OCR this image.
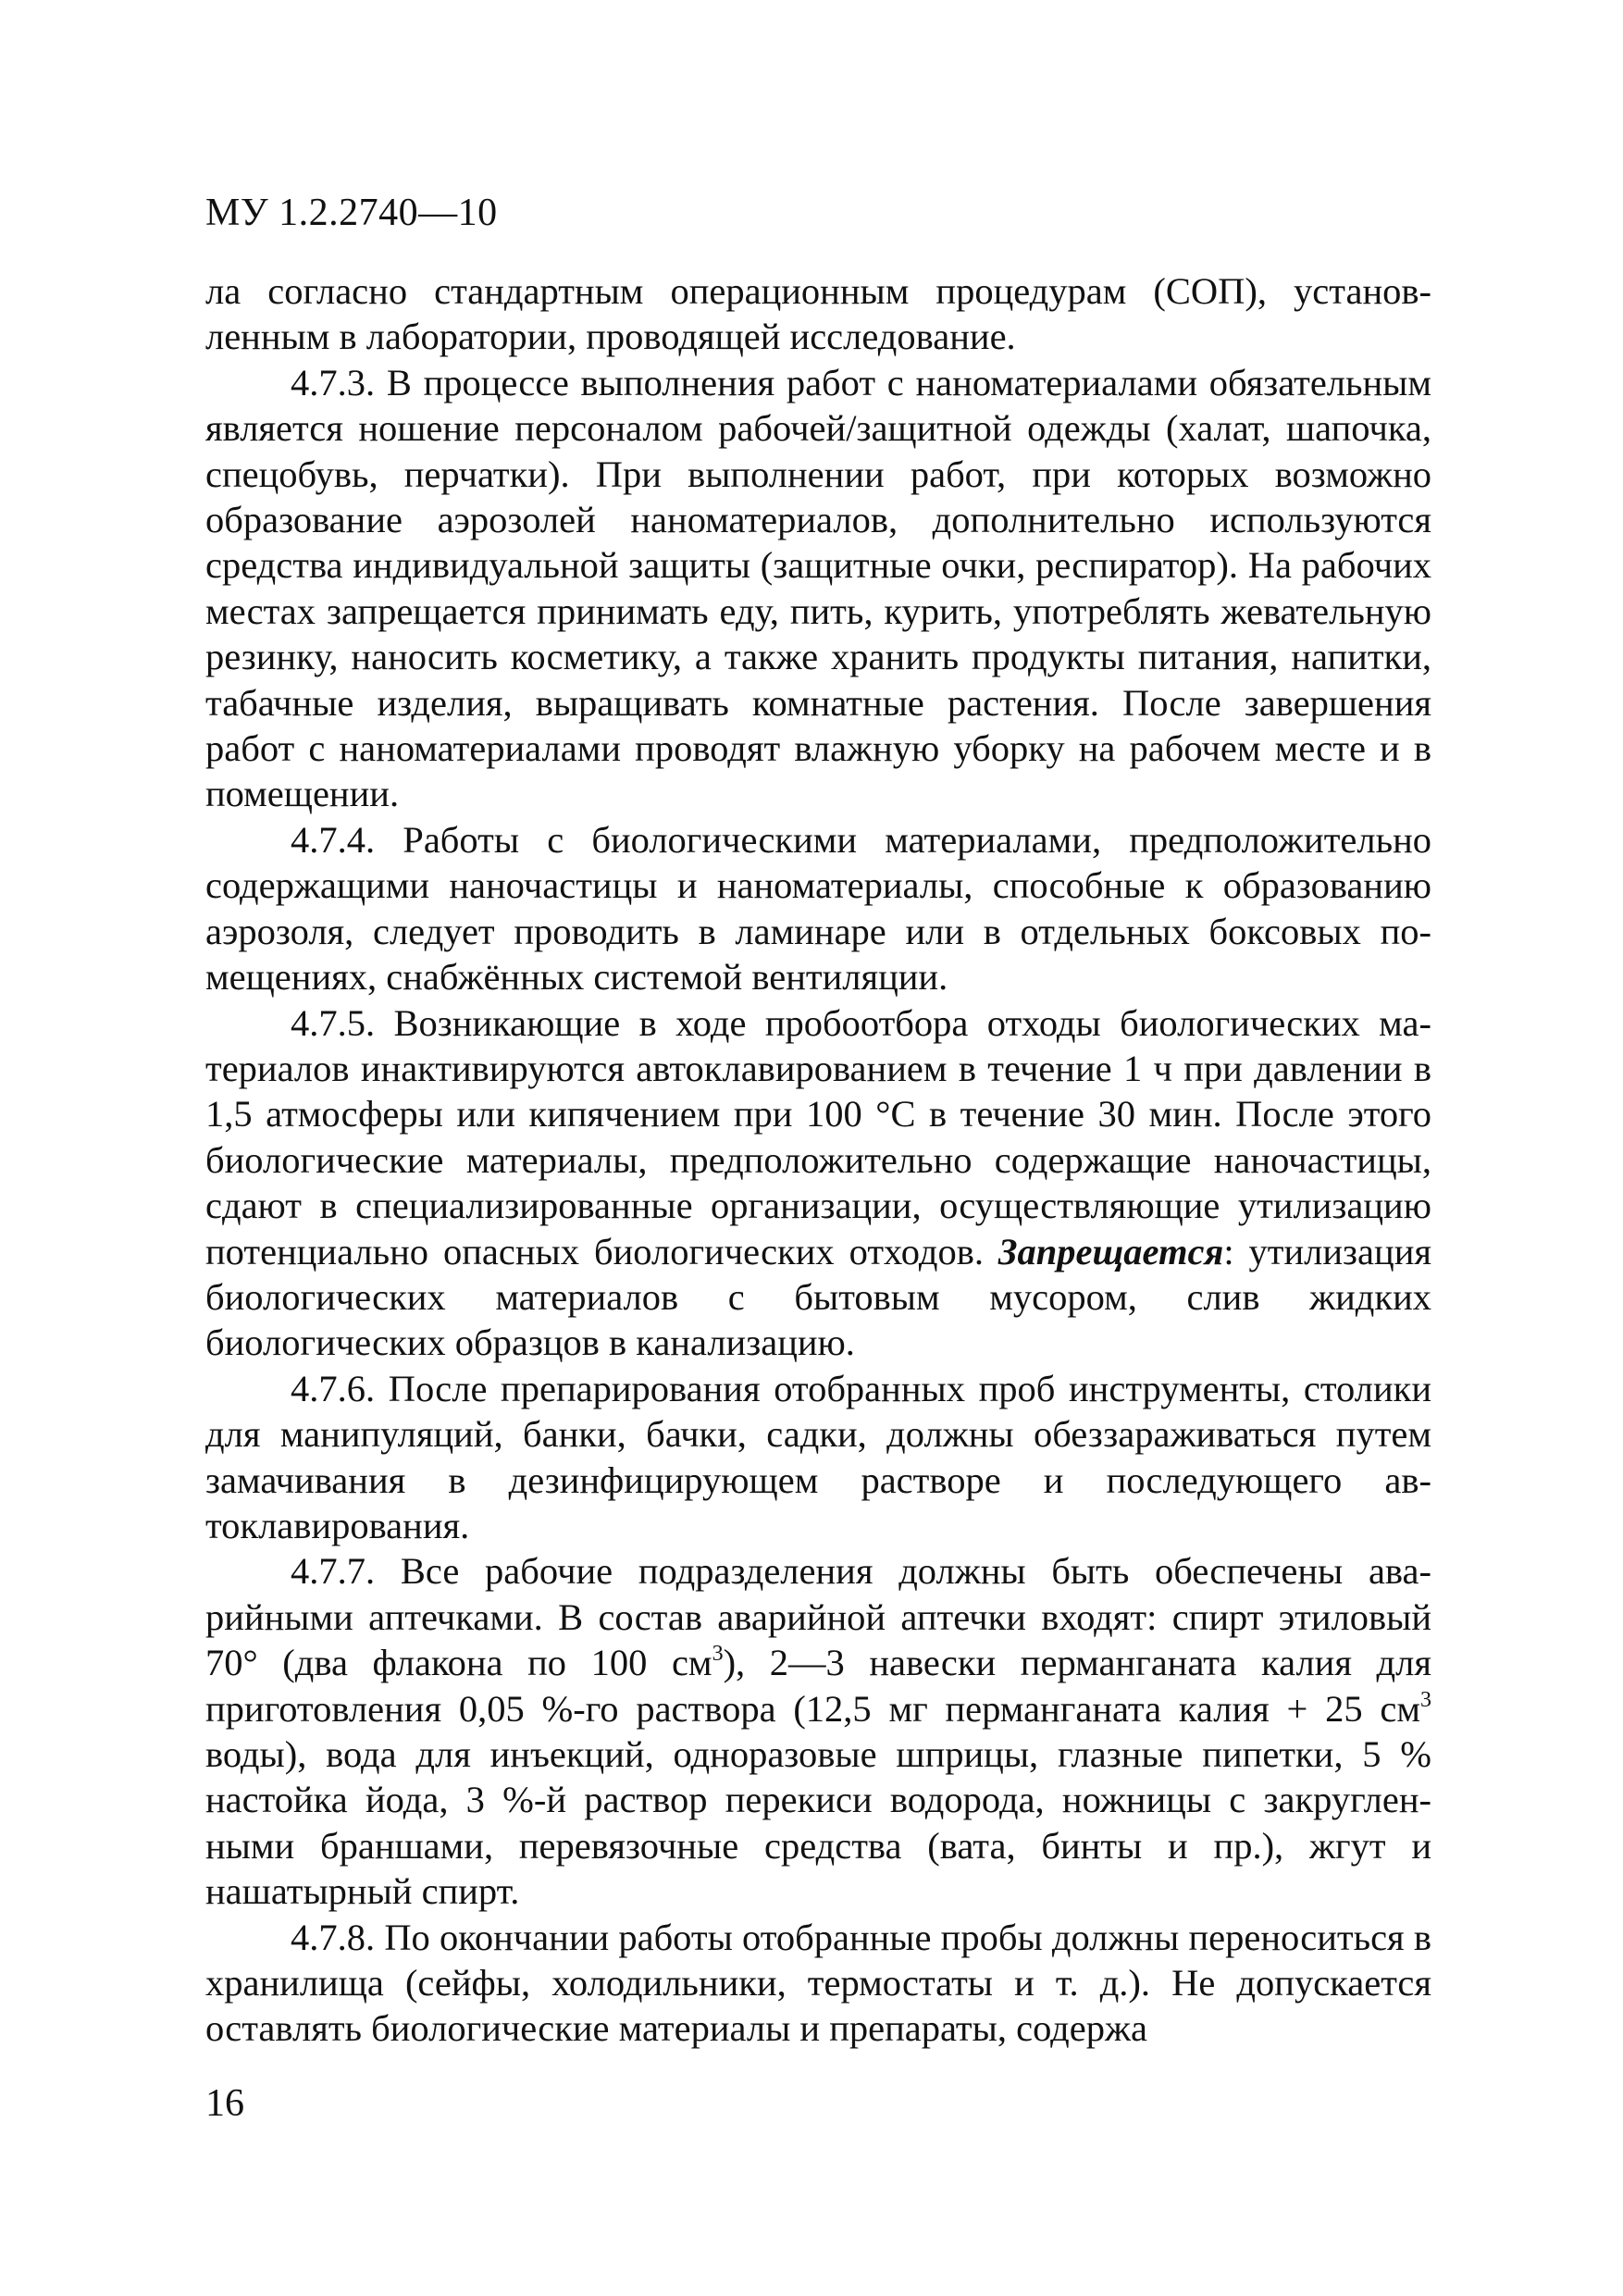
МУ 1.2.2740—10

ла согласно стандартным операционным процедурам (СОП), установленным в лаборатории, проводящей исследование.

4.7.3. В процессе выполнения работ с наноматериалами обязательным является ношение персоналом рабочей/защитной одежды (халат, шапочка, спецобувь, перчатки). При выполнении работ, при которых возможно образование аэрозолей наноматериалов, дополнительно используются средства индивидуальной защиты (защитные очки, респиратор). На рабочих местах запрещается принимать еду, пить, курить, употреблять жевательную резинку, наносить косметику, а также хранить продукты питания, напитки, табачные изделия, выращивать комнатные растения. После завершения работ с наноматериалами проводят влажную уборку на рабочем месте и в помещении.

4.7.4. Работы с биологическими материалами, предположительно содержащими наночастицы и наноматериалы, способные к образованию аэрозоля, следует проводить в ламинаре или в отдельных боксовых помещениях, снабжённых системой вентиляции.

4.7.5. Возникающие в ходе пробоотбора отходы биологических материалов инактивируются автоклавированием в течение 1 ч при давлении в 1,5 атмосферы или кипячением при 100 °С в течение 30 мин. После этого биологические материалы, предположительно содержащие наночастицы, сдают в специализированные организации, осуществляющие утилизацию потенциально опасных биологических отходов. Запрещается: утилизация биологических материалов с бытовым мусором, слив жидких биологических образцов в канализацию.

4.7.6. После препарирования отобранных проб инструменты, столики для манипуляций, банки, бачки, садки, должны обеззараживаться путем замачивания в дезинфицирующем растворе и последующего автоклавирования.

4.7.7. Все рабочие подразделения должны быть обеспечены аварийными аптечками. В состав аварийной аптечки входят: спирт этиловый 70° (два флакона по 100 $см^3$), 2—3 навески перманганата калия для приготовления 0,05 %-го раствора (12,5 мг перманганата калия + 25 $см^3$ воды), вода для инъекций, одноразовые шприцы, глазные пипетки, 5 % настойка йода, 3 %-й раствор перекиси водорода, ножницы с закругленными браншами, перевязочные средства (вата, бинты и пр.), жгут и нашатырный спирт.

4.7.8. По окончании работы отобранные пробы должны переноситься в хранилища (сейфы, холодильники, термостаты и т. д.). Не допускается оставлять биологические материалы и препараты, содержа

16
